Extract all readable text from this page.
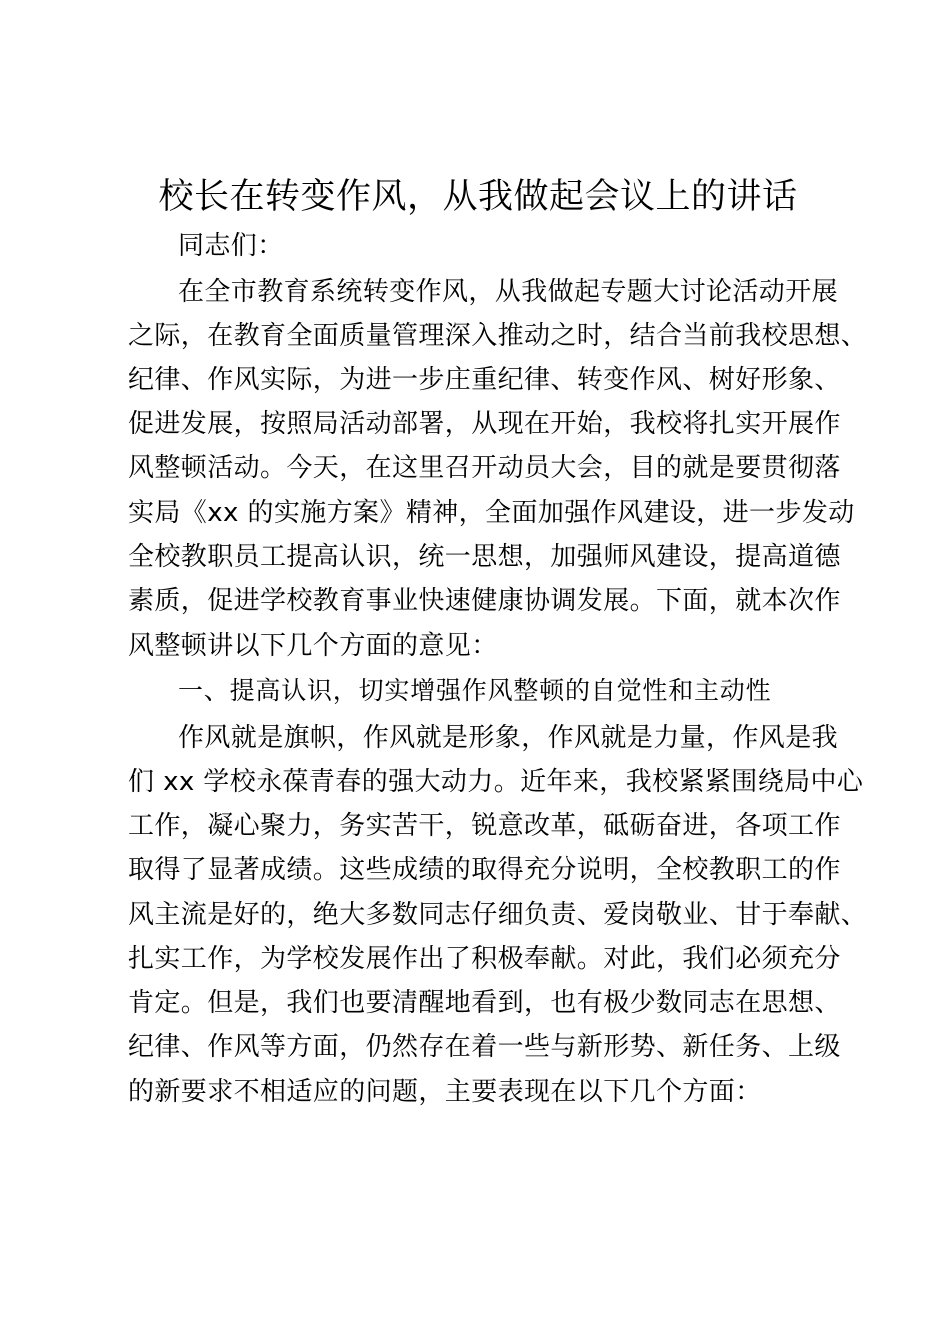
校长在转变作风，从我做起会议上的讲话
同志们：
在全市教育系统转变作风，从我做起专题大讨论活动开展
之际，在教育全面质量管理深入推动之时，结合当前我校思想、
纪律、作风实际，为进一步庄重纪律、转变作风、树好形象、
促进发展，按照局活动部署，从现在开始，我校将扎实开展作
风整顿活动。今天，在这里召开动员大会，目的就是要贯彻落
实局《xx 的实施方案》精神，全面加强作风建设，进一步发动
全校教职员工提高认识，统一思想，加强师风建设，提高道德
素质，促进学校教育事业快速健康协调发展。下面，就本次作
风整顿讲以下几个方面的意见：
一、提高认识，切实增强作风整顿的自觉性和主动性
作风就是旗帜，作风就是形象，作风就是力量，作风是我
们 xx 学校永葆青春的强大动力。近年来，我校紧紧围绕局中心
工作，凝心聚力，务实苦干，锐意改革，砥砺奋进，各项工作
取得了显著成绩。这些成绩的取得充分说明，全校教职工的作
风主流是好的，绝大多数同志仔细负责、爱岗敬业、甘于奉献、
扎实工作，为学校发展作出了积极奉献。对此，我们必须充分
肯定。但是，我们也要清醒地看到，也有极少数同志在思想、
纪律、作风等方面，仍然存在着一些与新形势、新任务、上级
的新要求不相适应的问题，主要表现在以下几个方面：
